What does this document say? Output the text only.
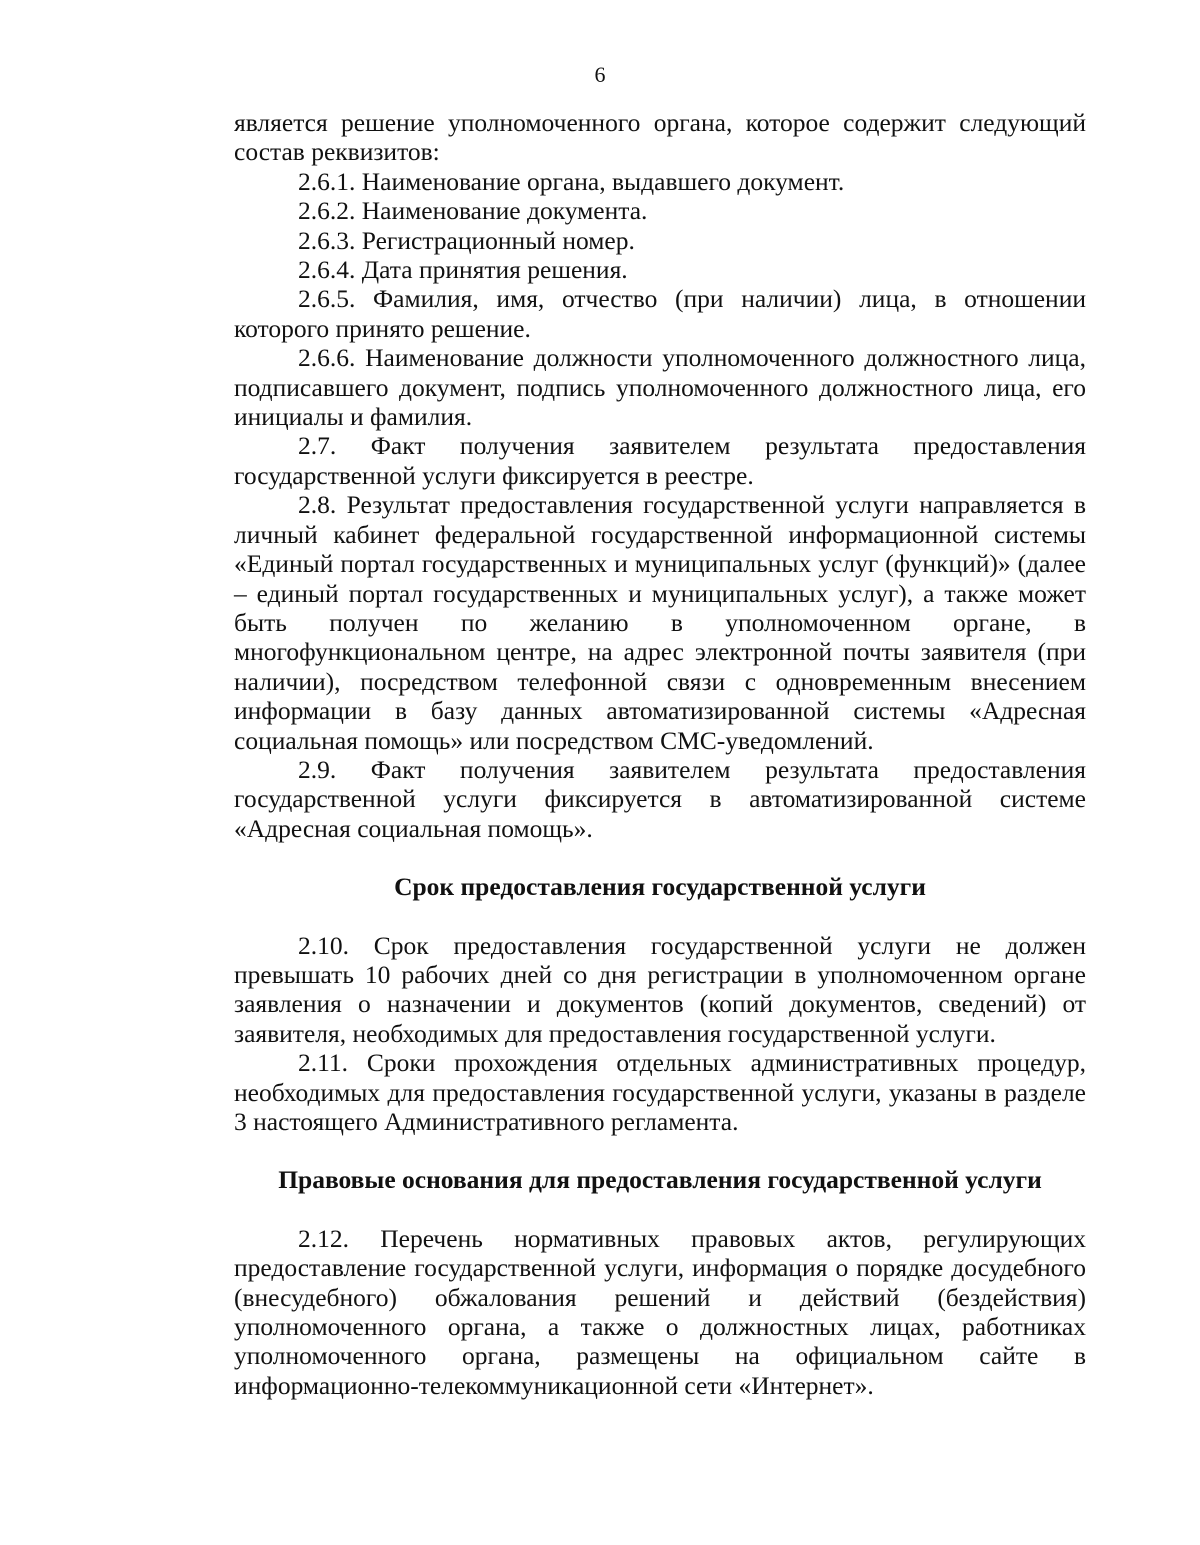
6

является решение уполномоченного органа, которое содержит следующий состав реквизитов:

2.6.1. Наименование органа, выдавшего документ.

2.6.2. Наименование документа.

2.6.3. Регистрационный номер.

2.6.4. Дата принятия решения.

2.6.5. Фамилия, имя, отчество (при наличии) лица, в отношении которого принято решение.

2.6.6. Наименование должности уполномоченного должностного лица, подписавшего документ, подпись уполномоченного должностного лица, его инициалы и фамилия.

2.7. Факт получения заявителем результата предоставления государственной услуги фиксируется в реестре.

2.8. Результат предоставления государственной услуги направляется в личный кабинет федеральной государственной информационной системы «Единый портал государственных и муниципальных услуг (функций)» (далее – единый портал государственных и муниципальных услуг), а также может быть получен по желанию в уполномоченном органе, в многофункциональном центре, на адрес электронной почты заявителя (при наличии), посредством телефонной связи с одновременным внесением информации в базу данных автоматизированной системы «Адресная социальная помощь» или посредством СМС-уведомлений.

2.9. Факт получения заявителем результата предоставления государственной услуги фиксируется в автоматизированной системе «Адресная социальная помощь».

Срок предоставления государственной услуги

2.10. Срок предоставления государственной услуги не должен превышать 10 рабочих дней со дня регистрации в уполномоченном органе заявления о назначении и документов (копий документов, сведений) от заявителя, необходимых для предоставления государственной услуги.

2.11. Сроки прохождения отдельных административных процедур, необходимых для предоставления государственной услуги, указаны в разделе 3 настоящего Административного регламента.

Правовые основания для предоставления государственной услуги

2.12. Перечень нормативных правовых актов, регулирующих предоставление государственной услуги, информация о порядке досудебного (внесудебного) обжалования решений и действий (бездействия) уполномоченного органа, а также о должностных лицах, работниках уполномоченного органа, размещены на официальном сайте в информационно-телекоммуникационной сети «Интернет».
